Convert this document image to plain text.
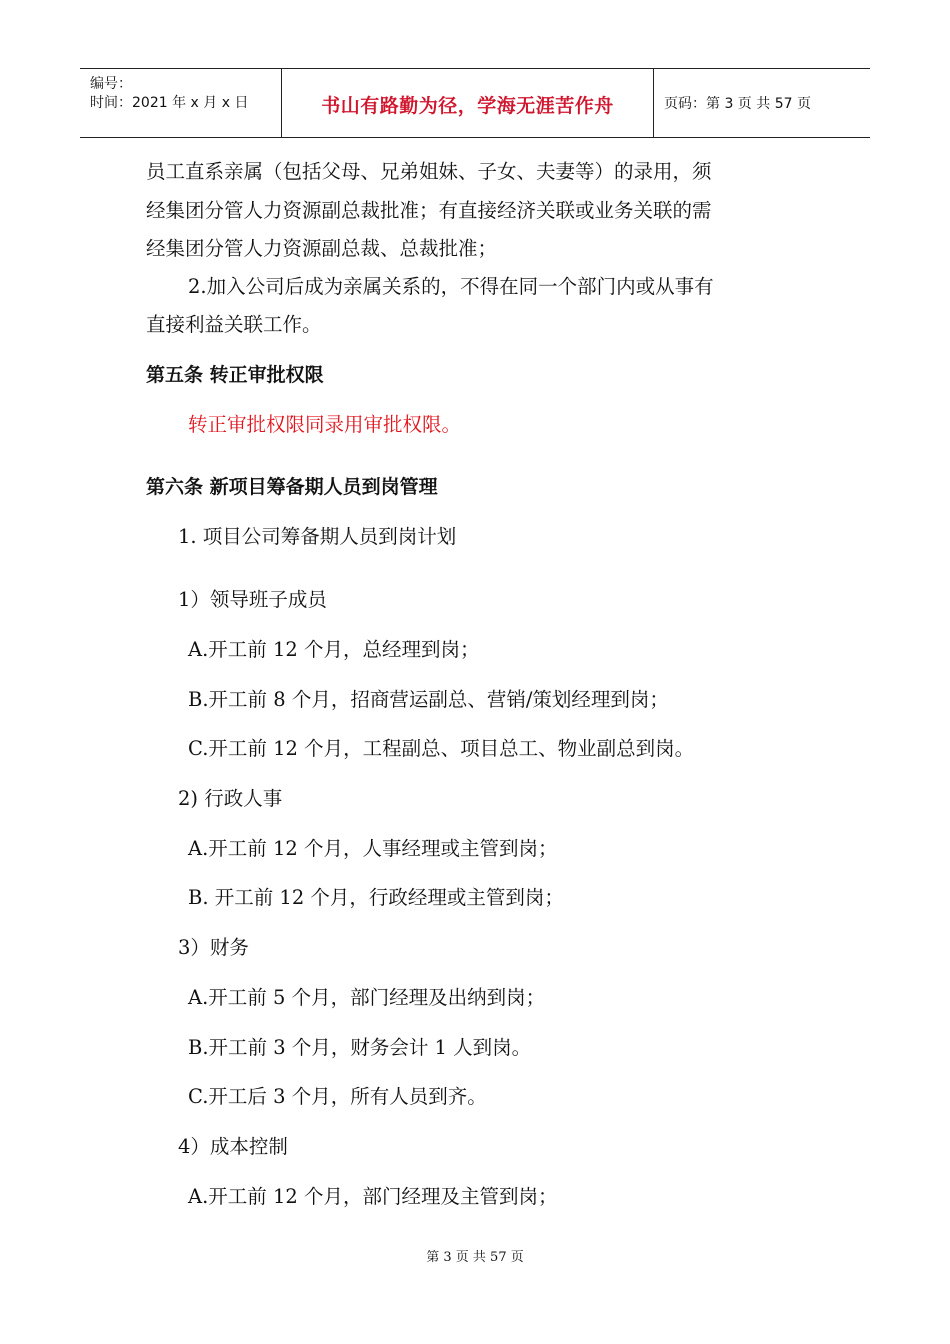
编号：
时间：2021 年 x 月 x 日	书山有路勤为径，学海无涯苦作舟	页码：第 3 页 共 57 页
员工直系亲属（包括父母、兄弟姐妹、子女、夫妻等）的录用，须
经集团分管人力资源副总裁批准；有直接经济关联或业务关联的需
经集团分管人力资源副总裁、总裁批准；
2.加入公司后成为亲属关系的，不得在同一个部门内或从事有
直接利益关联工作。
第五条 转正审批权限
转正审批权限同录用审批权限。
第六条 新项目筹备期人员到岗管理
1. 项目公司筹备期人员到岗计划
1）领导班子成员
A.开工前 12 个月，总经理到岗；
B.开工前 8 个月，招商营运副总、营销/策划经理到岗；
C.开工前 12 个月，工程副总、项目总工、物业副总到岗。
2) 行政人事
A.开工前 12 个月，人事经理或主管到岗；
B. 开工前 12 个月，行政经理或主管到岗；
3）财务
A.开工前 5 个月，部门经理及出纳到岗；
B.开工前 3 个月，财务会计 1 人到岗。
C.开工后 3 个月，所有人员到齐。
4）成本控制
A.开工前 12 个月，部门经理及主管到岗；
第 3 页 共 57 页
